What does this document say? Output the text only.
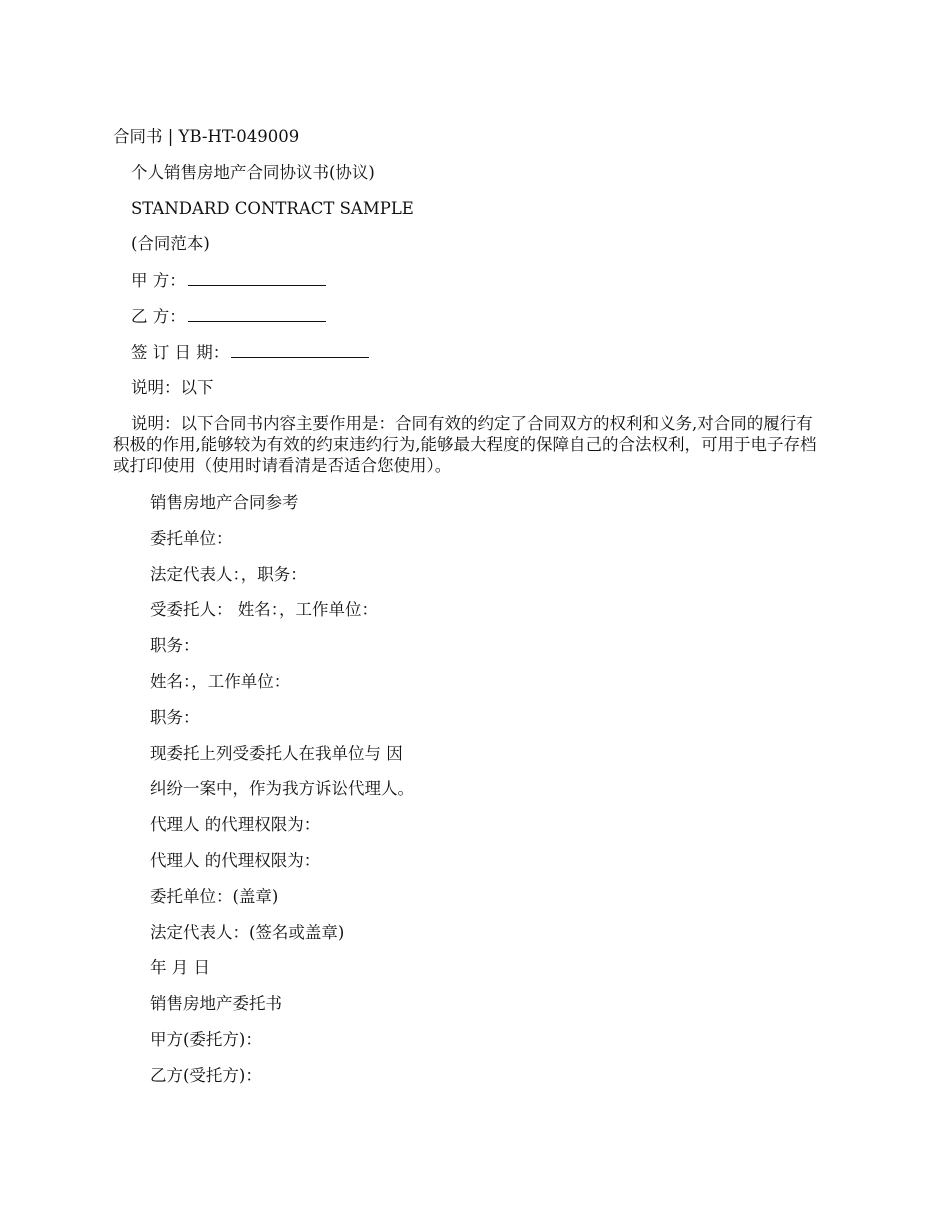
合同书 | YB-HT-049009
个人销售房地产合同协议书(协议)
STANDARD CONTRACT SAMPLE
(合同范本)
甲 方：
乙 方：
签 订 日 期：
说明：以下
说明：以下合同书内容主要作用是：合同有效的约定了合同双方的权利和义务,对合同的履行有积极的作用,能够较为有效的约束违约行为,能够最大程度的保障自己的合法权利，可用于电子存档或打印使用（使用时请看清是否适合您使用）。
销售房地产合同参考
委托单位：
法定代表人：，职务：
受委托人： 姓名：，工作单位：
职务：
姓名：，工作单位：
职务：
现委托上列受委托人在我单位与 因
纠纷一案中，作为我方诉讼代理人。
代理人 的代理权限为：
代理人 的代理权限为：
委托单位：(盖章)
法定代表人：(签名或盖章)
年 月 日
销售房地产委托书
甲方(委托方)：
乙方(受托方)：
